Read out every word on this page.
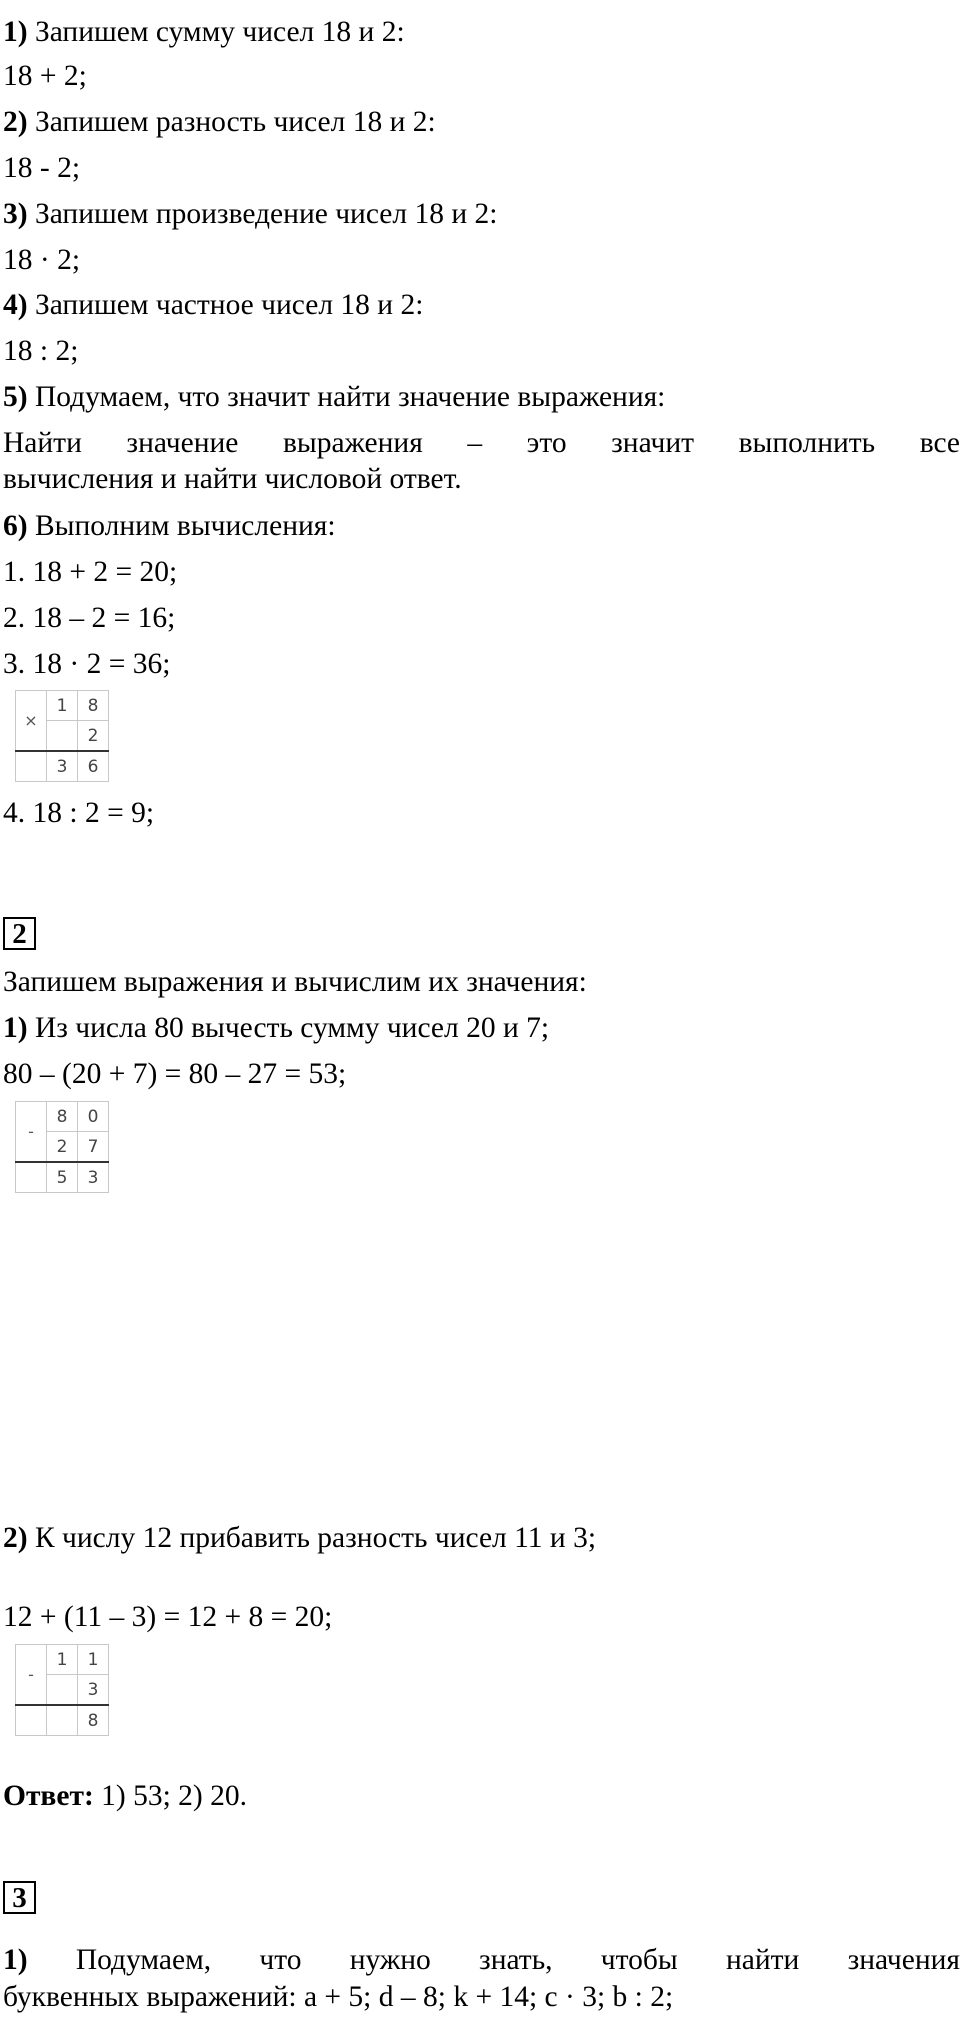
1) Запишем сумму чисел 18 и 2:
18 + 2;
2) Запишем разность чисел 18 и 2:
18 - 2;
3) Запишем произведение чисел 18 и 2:
18 · 2;
4) Запишем частное чисел 18 и 2:
18 : 2;
5) Подумаем, что значит найти значение выражения:
Найти значение выражения – это значит выполнить все
вычисления и найти числовой ответ.
6) Выполним вычисления:
1. 18 + 2 = 20;
2. 18 – 2 = 16;
3. 18 · 2 = 36;
×	1	8
		2
	3	6
4. 18 : 2 = 9;
2
Запишем выражения и вычислим их значения:
1) Из числа 80 вычесть сумму чисел 20 и 7;
80 – (20 + 7) = 80 – 27 = 53;
-	8	0
	2	7
	5	3
2) К числу 12 прибавить разность чисел 11 и 3;
12 + (11 – 3) = 12 + 8 = 20;
-	1	1
		3
		8
Ответ: 1) 53; 2) 20.
3
1) Подумаем, что нужно знать, чтобы найти значения
буквенных выражений: a + 5; d – 8; k + 14; c · 3; b : 2;
